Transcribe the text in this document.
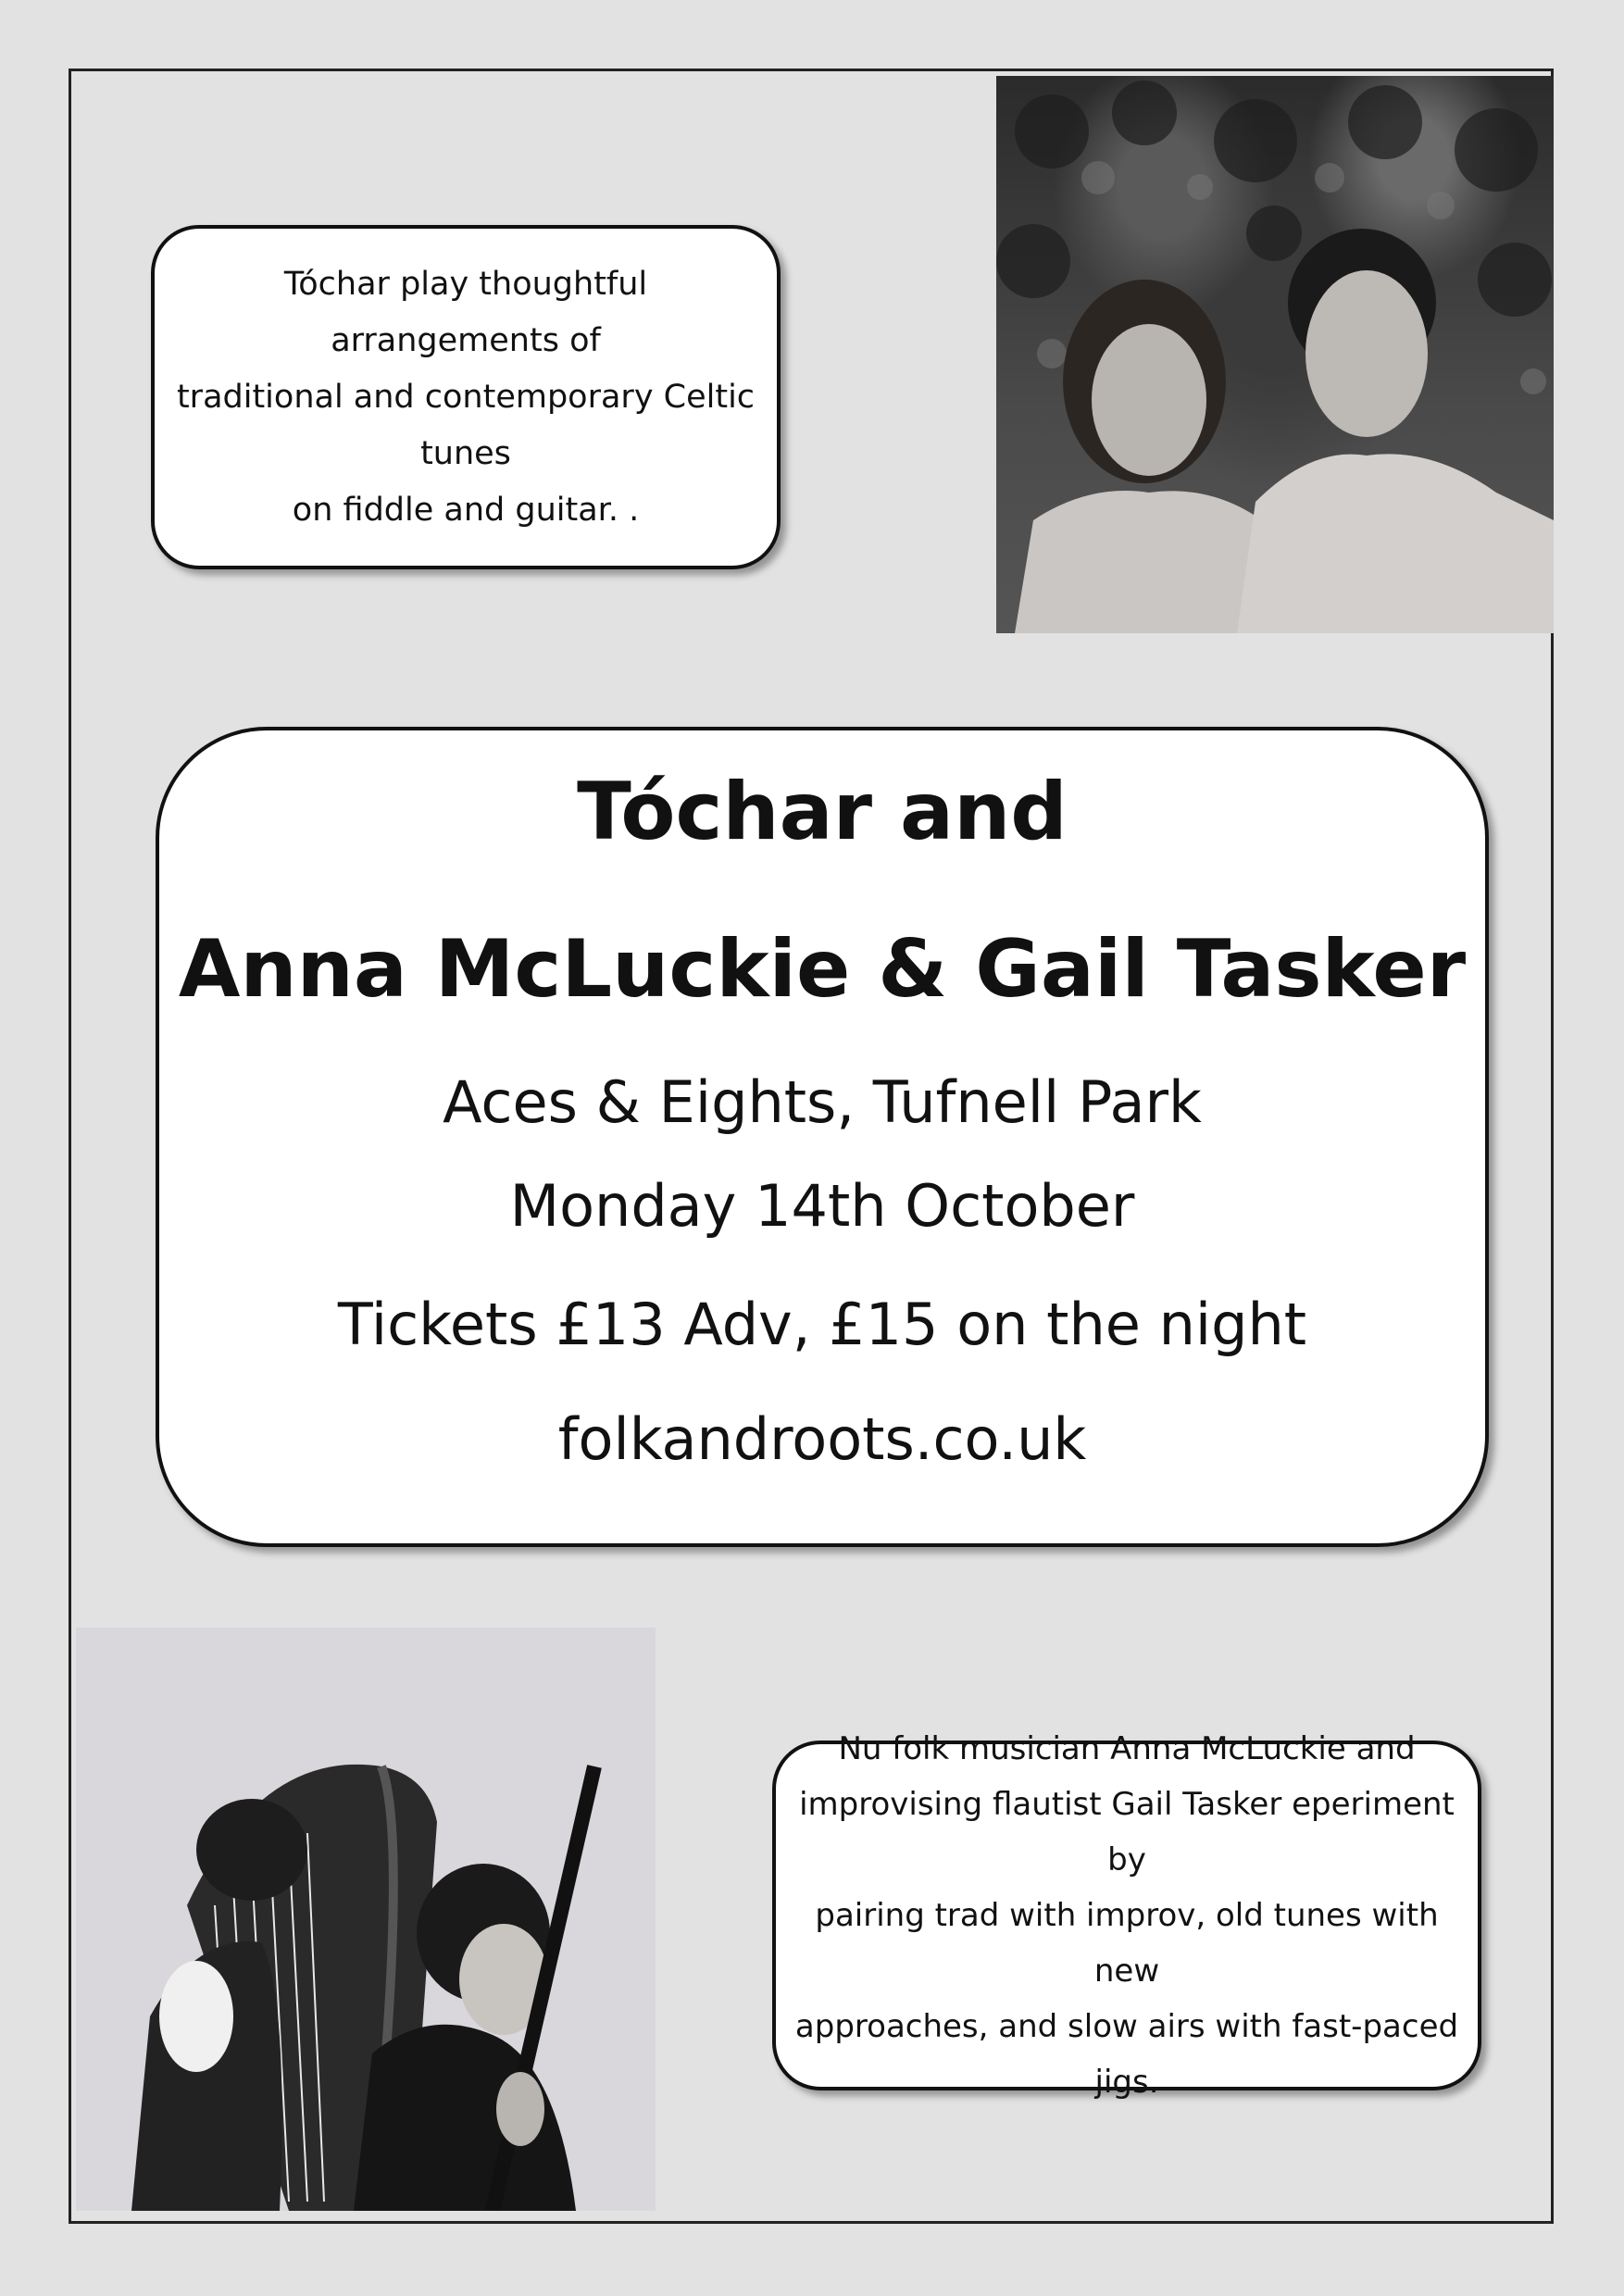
Tóchar play thoughtful arrangements of
traditional and contemporary Celtic tunes
on fiddle and guitar. .
Tóchar and
Anna McLuckie & Gail Tasker
Aces & Eights, Tufnell Park
Monday 14th October
Tickets £13 Adv, £15 on the night
folkandroots.co.uk
Nu folk musician Anna McLuckie and
improvising flautist Gail Tasker eperiment by
pairing trad with improv, old tunes with new
approaches, and slow airs with fast-paced jigs.
